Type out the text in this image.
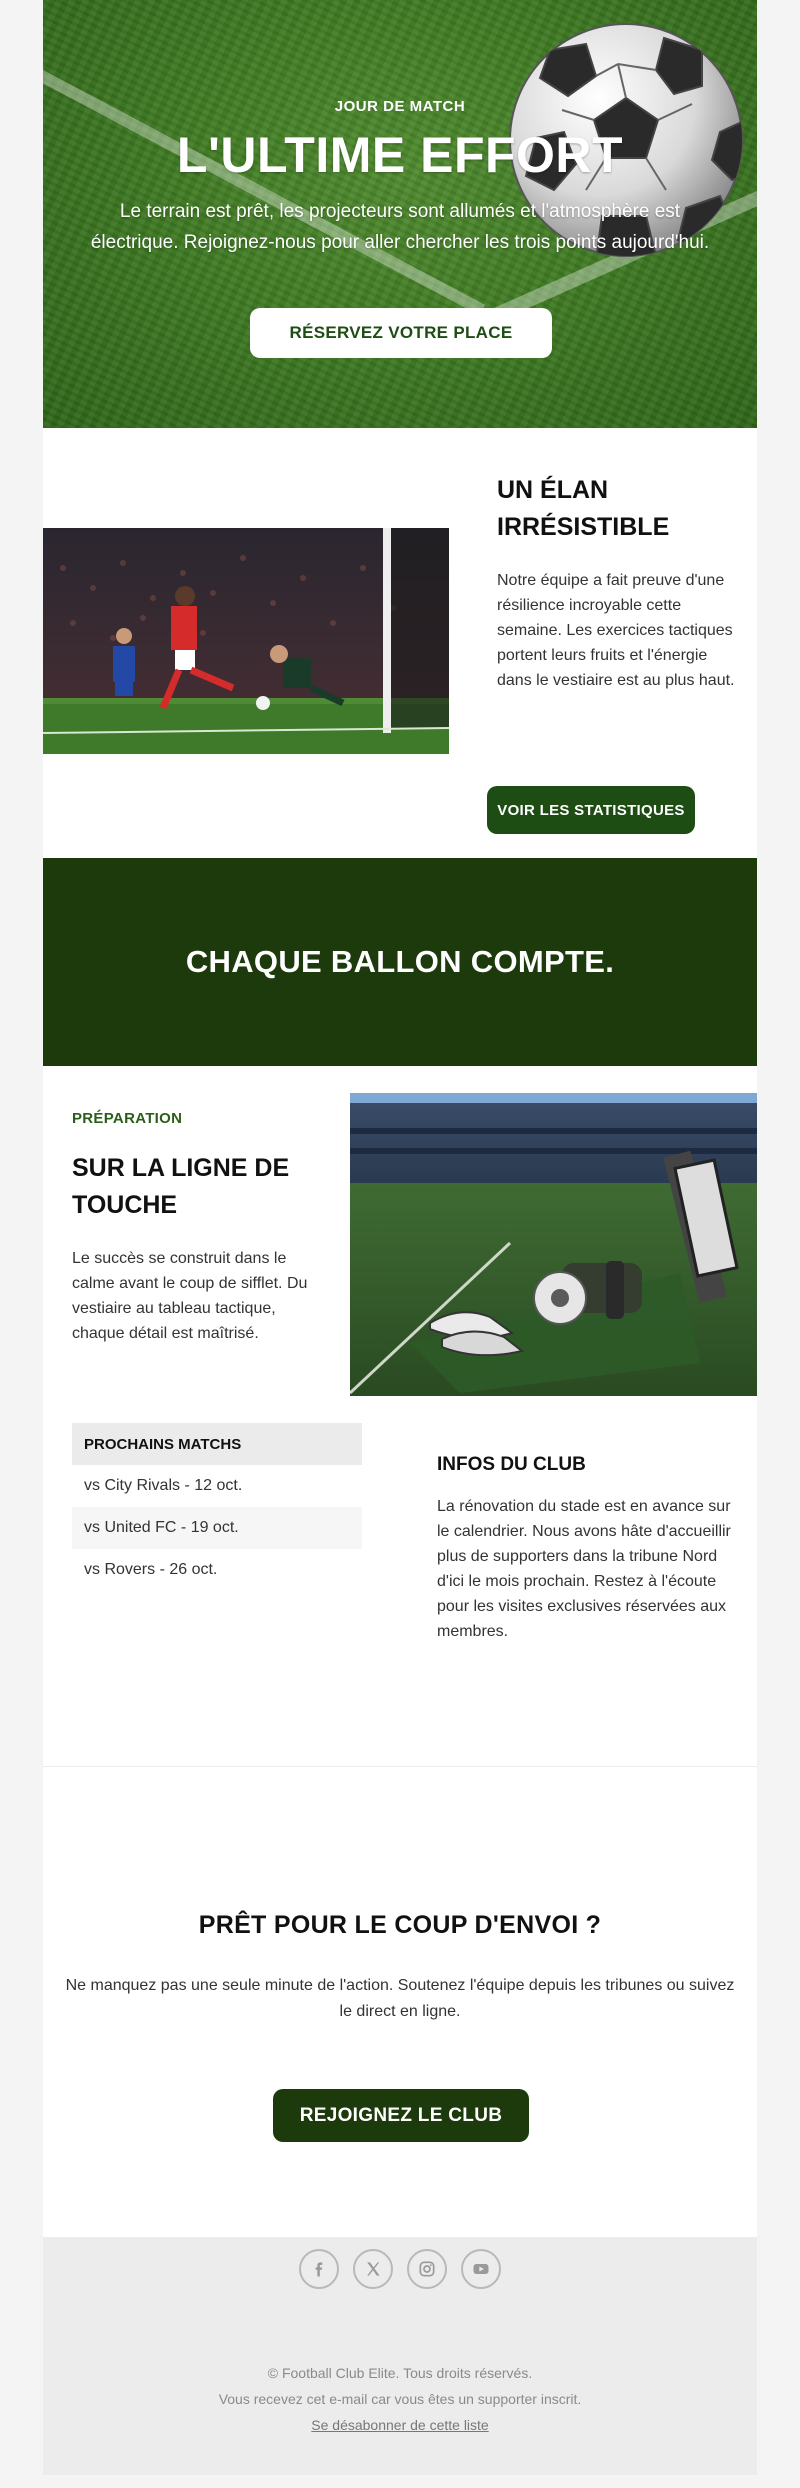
JOUR DE MATCH
L'ULTIME EFFORT
Le terrain est prêt, les projecteurs sont allumés et l'atmosphère est électrique. Rejoignez-nous pour aller chercher les trois points aujourd'hui.
RÉSERVEZ VOTRE PLACE
UN ÉLAN IRRÉSISTIBLE

Notre équipe a fait preuve d'une résilience incroyable cette semaine. Les exercices tactiques portent leurs fruits et l'énergie dans le vestiaire est au plus haut.

VOIR LES STATISTIQUES
CHAQUE BALLON COMPTE.
PRÉPARATION
SUR LA LIGNE DE TOUCHE

Le succès se construit dans le calme avant le coup de sifflet. Du vestiaire au tableau tactique, chaque détail est maîtrisé.

PROCHAINS MATCHS
vs City Rivals - 12 oct.
vs United FC - 19 oct.
vs Rovers - 26 oct.
INFOS DU CLUB

La rénovation du stade est en avance sur le calendrier. Nous avons hâte d'accueillir plus de supporters dans la tribune Nord d'ici le mois prochain. Restez à l'écoute pour les visites exclusives réservées aux membres.

PRÊT POUR LE COUP D'ENVOI ?

Ne manquez pas une seule minute de l'action. Soutenez l'équipe depuis les tribunes ou suivez le direct en ligne.

REJOIGNEZ LE CLUB
© Football Club Elite. Tous droits réservés.
Vous recevez cet e-mail car vous êtes un supporter inscrit.
Se désabonner de cette liste
